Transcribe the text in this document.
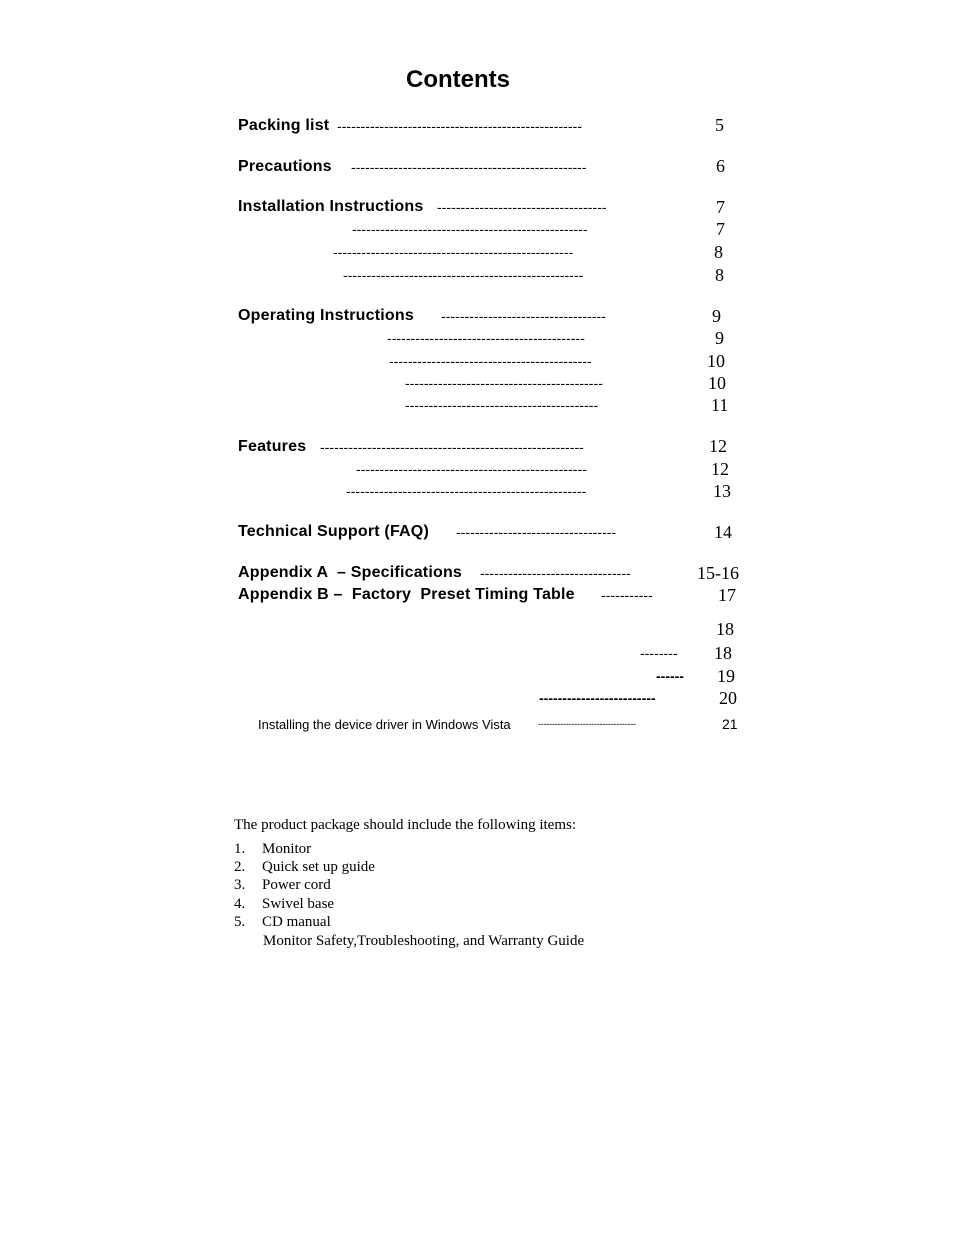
Contents
Packing list ----------------------------------------------------	5
Precautions --------------------------------------------------	6
Installation Instructions ------------------------------------	7
--------------------------------------------------	7
---------------------------------------------------	8
---------------------------------------------------	8
Operating Instructions -----------------------------------	9
------------------------------------------	9
-------------------------------------------	10
------------------------------------------	10
-----------------------------------------	11
Features --------------------------------------------------------	12
-------------------------------------------------	12
---------------------------------------------------	13
Technical Support (FAQ) ----------------------------------	14
Appendix A  – Specifications --------------------------------	15-16
Appendix B –  Factory  Preset Timing Table -----------	17
18
-------- 18
------ 19
-------------------------	20
Installing the device driver in Windows Vista	-----------------------------------	21
The product package should include the following items:
1. Monitor
2. Quick set up guide
3. Power cord
4. Swivel base
5. CD manual
Monitor Safety,Troubleshooting, and Warranty Guide
